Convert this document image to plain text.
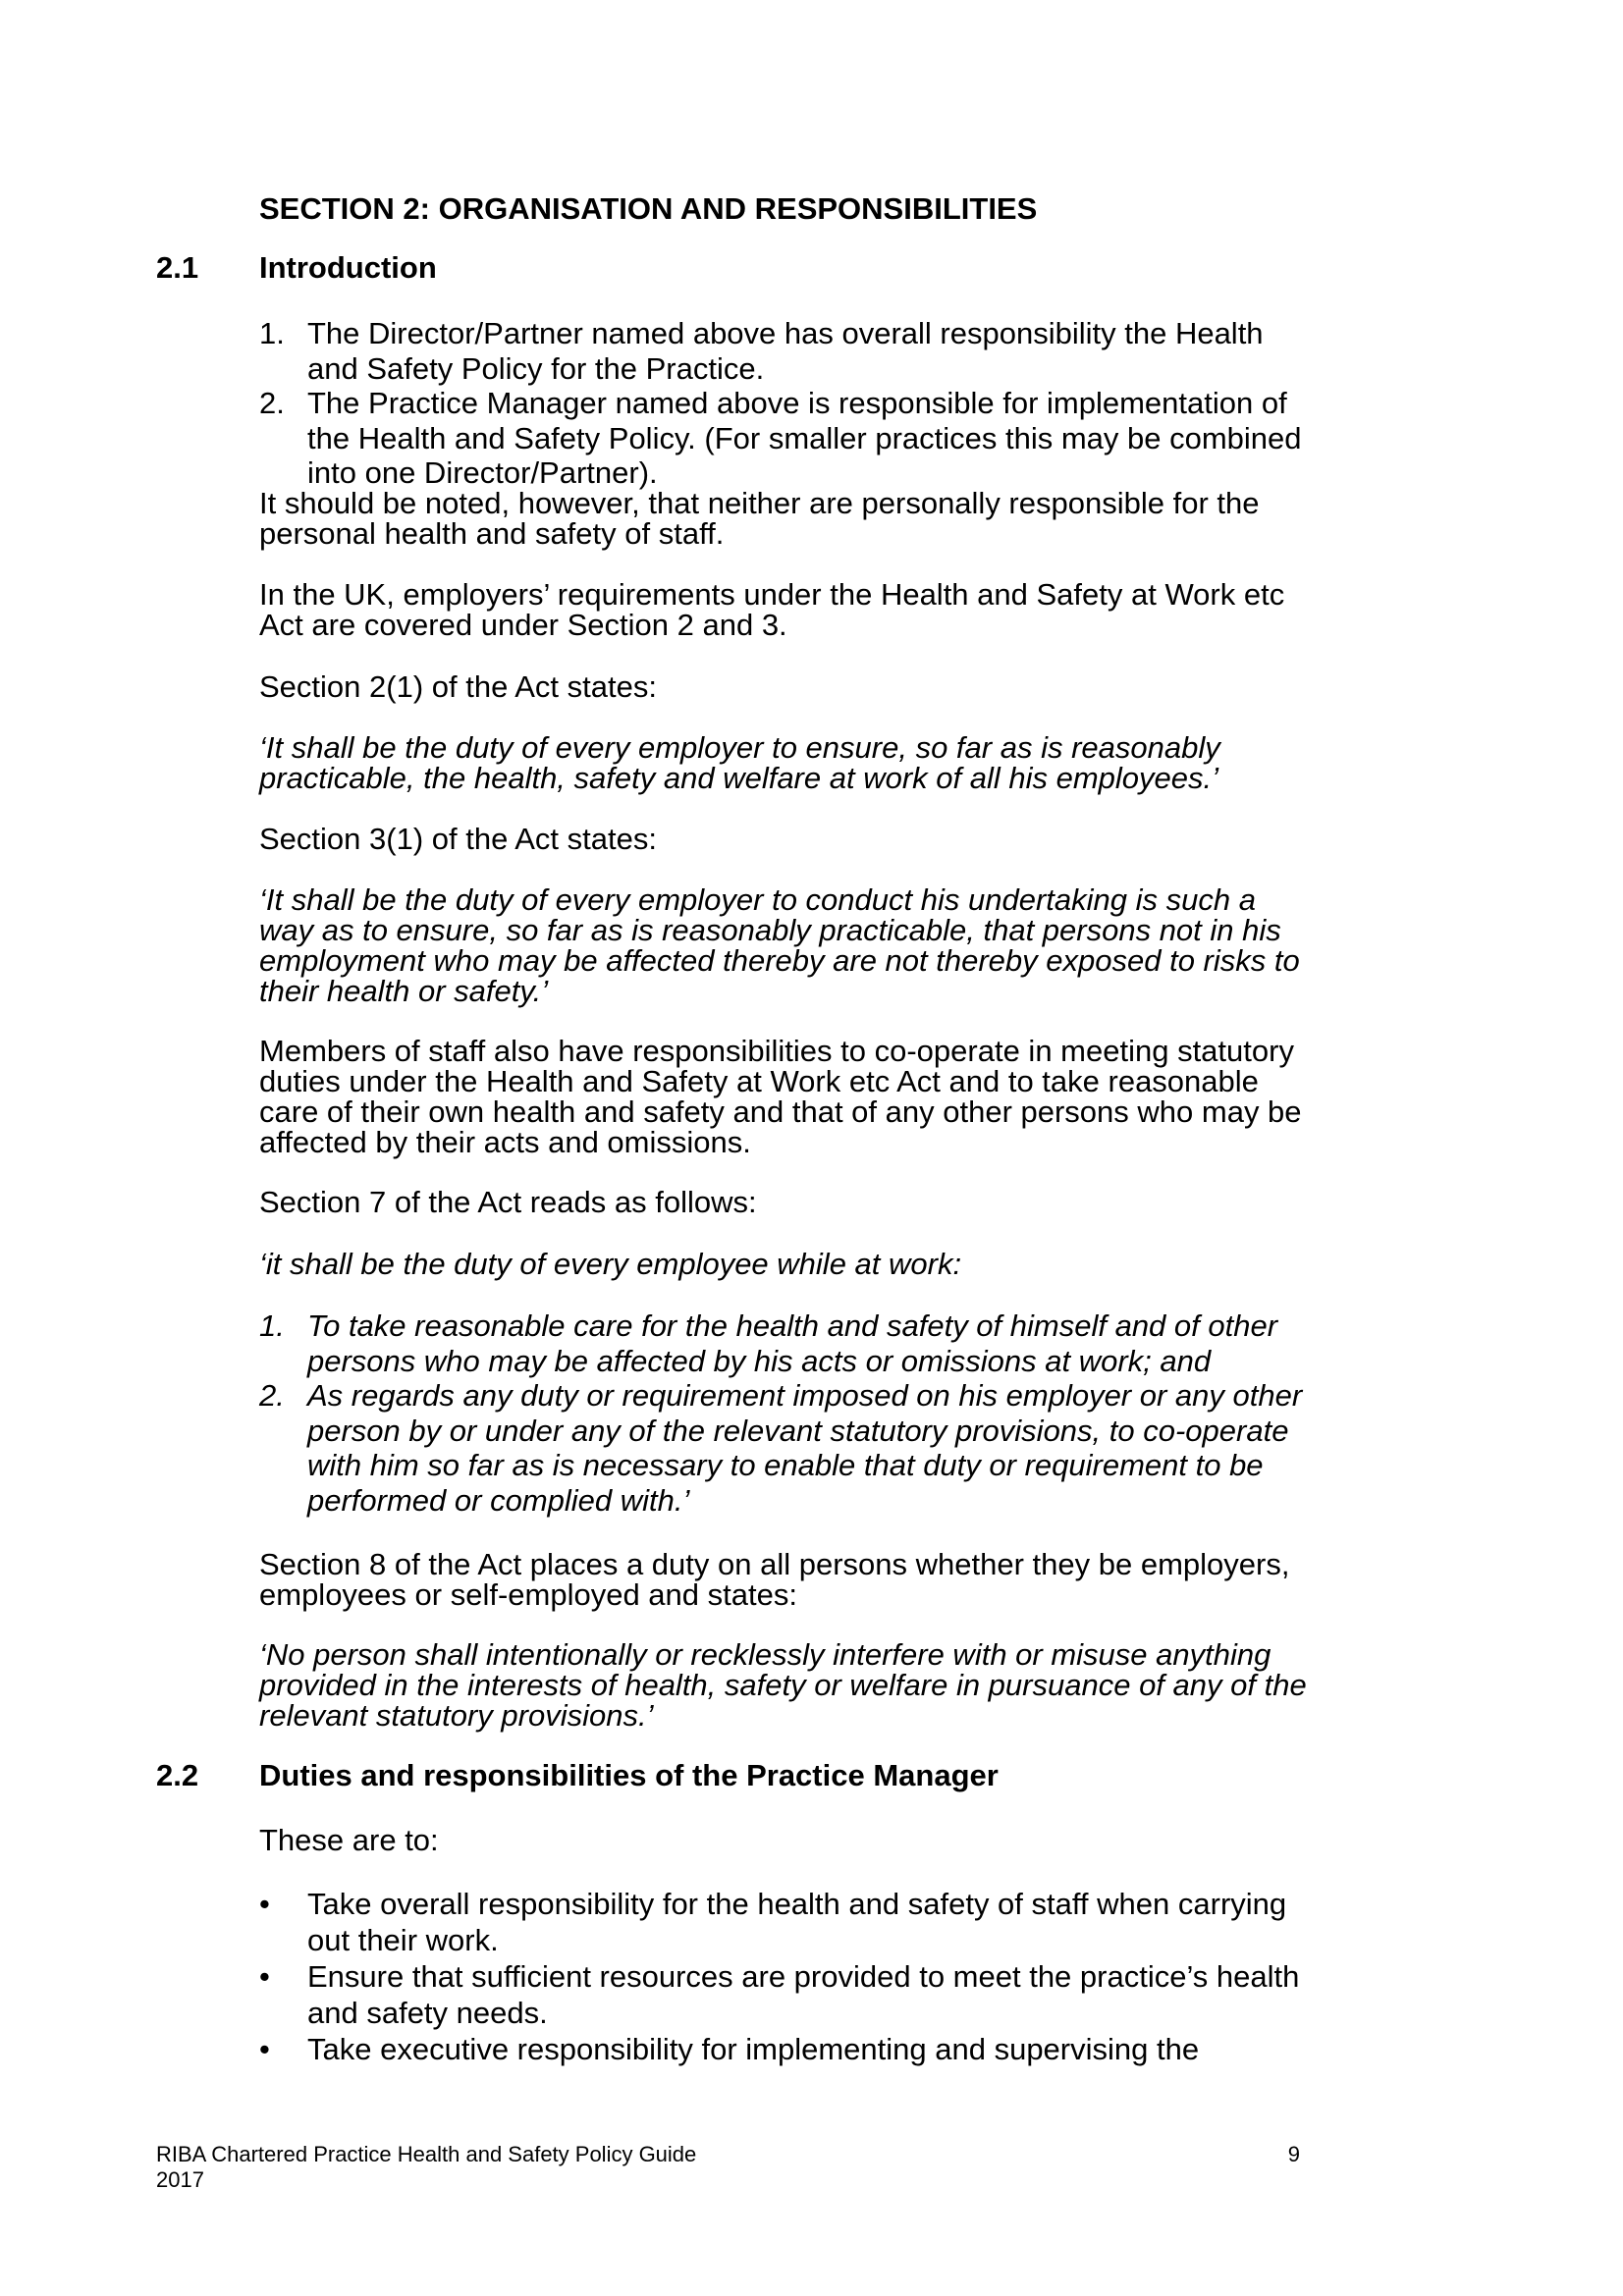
SECTION 2: ORGANISATION AND RESPONSIBILITIES
2.1 Introduction
1. The Director/Partner named above has overall responsibility the Health and Safety Policy for the Practice.
2. The Practice Manager named above is responsible for implementation of the Health and Safety Policy. (For smaller practices this may be combined into one Director/Partner).
It should be noted, however, that neither are personally responsible for the personal health and safety of staff.
In the UK, employers’ requirements under the Health and Safety at Work etc Act are covered under Section 2 and 3.
Section 2(1) of the Act states:
‘It shall be the duty of every employer to ensure, so far as is reasonably practicable, the health, safety and welfare at work of all his employees.’
Section 3(1) of the Act states:
‘It shall be the duty of every employer to conduct his undertaking is such a way as to ensure, so far as is reasonably practicable, that persons not in his employment who may be affected thereby are not thereby exposed to risks to their health or safety.’
Members of staff also have responsibilities to co-operate in meeting statutory duties under the Health and Safety at Work etc Act and to take reasonable care of their own health and safety and that of any other persons who may be affected by their acts and omissions.
Section 7 of the Act reads as follows:
‘it shall be the duty of every employee while at work:
1. To take reasonable care for the health and safety of himself and of other persons who may be affected by his acts or omissions at work; and
2. As regards any duty or requirement imposed on his employer or any other person by or under any of the relevant statutory provisions, to co-operate with him so far as is necessary to enable that duty or requirement to be performed or complied with.’
Section 8 of the Act places a duty on all persons whether they be employers, employees or self-employed and states:
‘No person shall intentionally or recklessly interfere with or misuse anything provided in the interests of health, safety or welfare in pursuance of any of the relevant statutory provisions.’
2.2 Duties and responsibilities of the Practice Manager
These are to:
• Take overall responsibility for the health and safety of staff when carrying out their work.
• Ensure that sufficient resources are provided to meet the practice’s health and safety needs.
• Take executive responsibility for implementing and supervising the
RIBA Chartered Practice Health and Safety Policy Guide
2017
9
